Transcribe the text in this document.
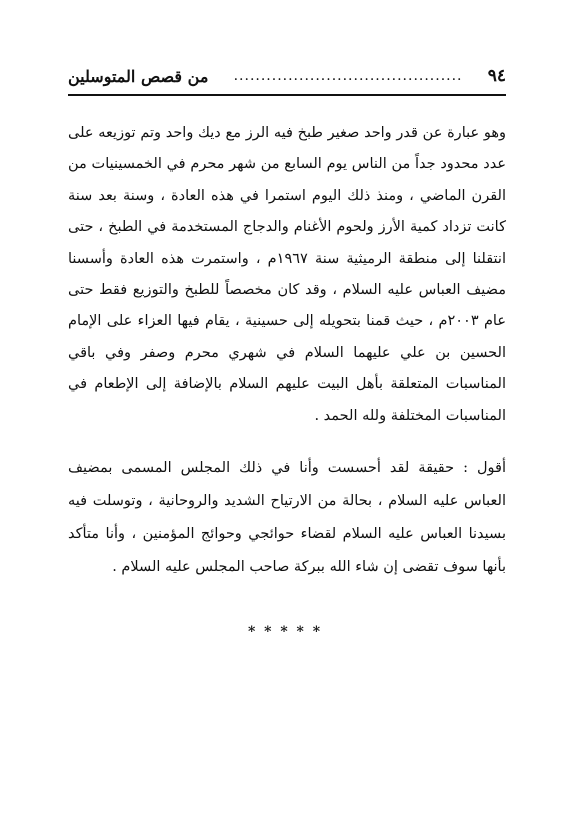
٩٤
..........................................
من قصص المتوسلين

وهو عبارة عن قدر واحد صغير طبخ فيه الرز مع ديك واحد وتم توزيعه على عدد محدود جداً من الناس يوم السابع من شهر محرم في الخمسينيات من القرن الماضي ، ومنذ ذلك اليوم استمرا في هذه العادة ، وسنة بعد سنة كانت تزداد كمية الأرز ولحوم الأغنام والدجاج المستخدمة في الطبخ ، حتى انتقلنا إلى منطقة الرميثية سنة ١٩٦٧م ، واستمرت هذه العادة وأسسنا مضيف العباس عليه السلام ، وقد كان مخصصاً للطبخ والتوزيع فقط حتى عام ٢٠٠٣م ، حيث قمنا بتحويله إلى حسينية ، يقام فيها العزاء على الإمام الحسين بن علي عليهما السلام في شهري محرم وصفر وفي باقي المناسبات المتعلقة بأهل البيت عليهم السلام بالإضافة إلى الإطعام في المناسبات المختلفة ولله الحمد .

أقول : حقيقة لقد أحسست وأنا في ذلك المجلس المسمى بمضيف العباس عليه السلام ، بحالة من الارتياح الشديد والروحانية ، وتوسلت فيه بسيدنا العباس عليه السلام لقضاء حوائجي وحوائج المؤمنين ، وأنا متأكد بأنها سوف تقضى إن شاء الله ببركة صاحب المجلس عليه السلام .

* * * * *
